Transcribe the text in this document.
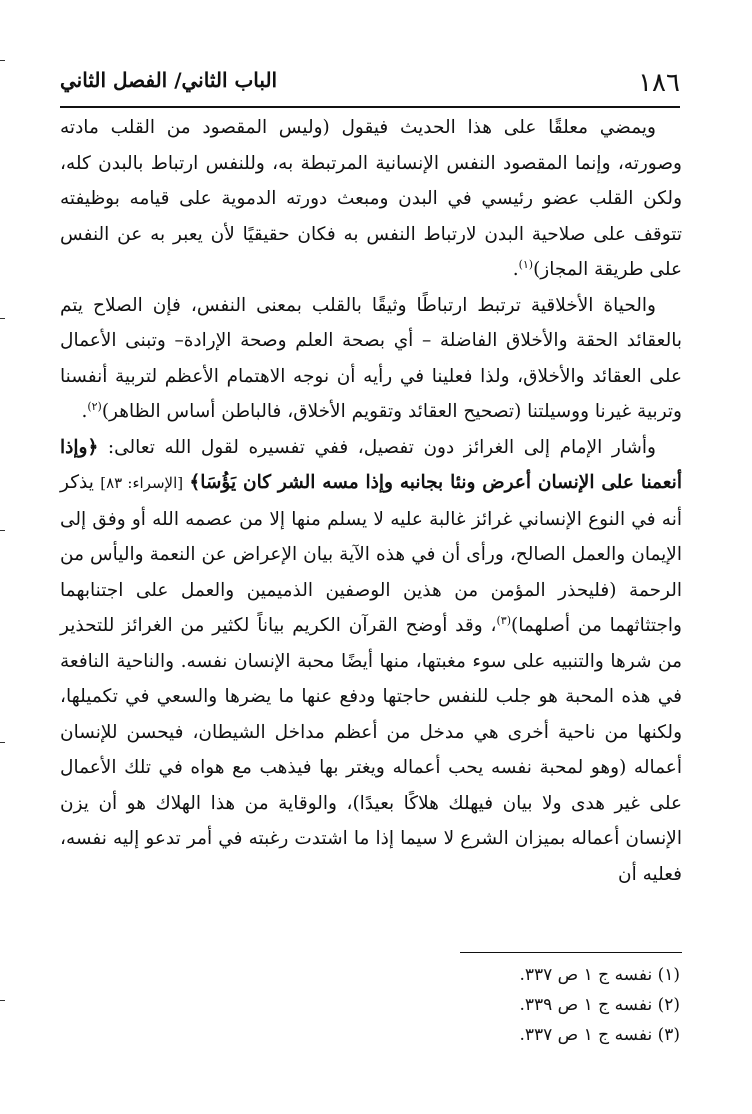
١٨٦
الباب الثاني/ الفصل الثاني

ويمضي معلقًا على هذا الحديث فيقول (وليس المقصود من القلب مادته وصورته، وإنما المقصود النفس الإنسانية المرتبطة به، وللنفس ارتباط بالبدن كله، ولكن القلب عضو رئيسي في البدن ومبعث دورته الدموية على قيامه بوظيفته تتوقف على صلاحية البدن لارتباط النفس به فكان حقيقيًا لأن يعبر به عن النفس على طريقة المجاز)$^{(١)}$.

والحياة الأخلاقية ترتبط ارتباطًا وثيقًا بالقلب بمعنى النفس، فإن الصلاح يتم بالعقائد الحقة والأخلاق الفاضلة – أي بصحة العلم وصحة الإرادة– وتبنى الأعمال على العقائد والأخلاق، ولذا فعلينا في رأيه أن نوجه الاهتمام الأعظم لتربية أنفسنا وتربية غيرنا ووسيلتنا (تصحيح العقائد وتقويم الأخلاق، فالباطن أساس الظاهر)$^{(٢)}$.

وأشار الإمام إلى الغرائز دون تفصيل، ففي تفسيره لقول الله تعالى: ﴿وإذا أنعمنا على الإنسان أعرض ونئا بجانبه وإذا مسه الشر كان يَؤُسَا﴾ [الإسراء: ٨٣] يذكر أنه في النوع الإنساني غرائز غالبة عليه لا يسلم منها إلا من عصمه الله أو وفق إلى الإيمان والعمل الصالح، ورأى أن في هذه الآية بيان الإعراض عن النعمة واليأس من الرحمة (فليحذر المؤمن من هذين الوصفين الذميمين والعمل على اجتنابهما واجتثاثهما من أصلهما)$^{(٣)}$، وقد أوضح القرآن الكريم بياناً لكثير من الغرائز للتحذير من شرها والتنبيه على سوء مغبتها، منها أيضًا محبة الإنسان نفسه. والناحية النافعة في هذه المحبة هو جلب للنفس حاجتها ودفع عنها ما يضرها والسعي في تكميلها، ولكنها من ناحية أخرى هي مدخل من أعظم مداخل الشيطان، فيحسن للإنسان أعماله (وهو لمحبة نفسه يحب أعماله ويغتر بها فيذهب مع هواه في تلك الأعمال على غير هدى ولا بيان فيهلك هلاكًا بعيدًا)، والوقاية من هذا الهلاك هو أن يزن الإنسان أعماله بميزان الشرع لا سيما إذا ما اشتدت رغبته في أمر تدعو إليه نفسه، فعليه أن

(١) نفسه ج ١ ص ٣٣٧.
(٢) نفسه ج ١ ص ٣٣٩.
(٣) نفسه ج ١ ص ٣٣٧.
